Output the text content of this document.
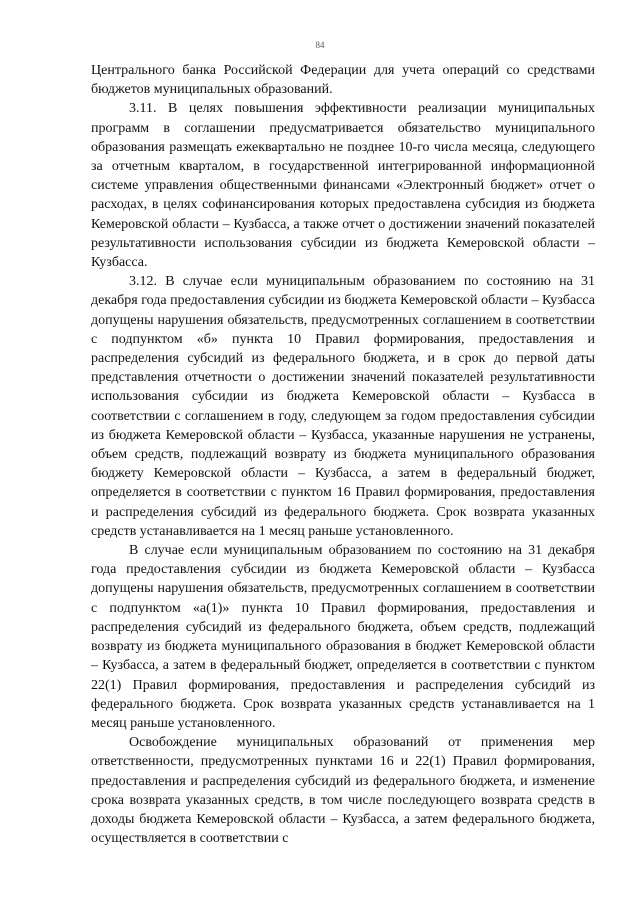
84

Центрального банка Российской Федерации для учета операций со средствами бюджетов муниципальных образований.

3.11. В целях повышения эффективности реализации муниципальных программ в соглашении предусматривается обязательство муниципального образования размещать ежеквартально не позднее 10-го числа месяца, следующего за отчетным кварталом, в государственной интегрированной информационной системе управления общественными финансами «Электронный бюджет» отчет о расходах, в целях софинансирования которых предоставлена субсидия из бюджета Кемеровской области – Кузбасса, а также отчет о достижении значений показателей результативности использования субсидии из бюджета Кемеровской области – Кузбасса.

3.12. В случае если муниципальным образованием по состоянию на 31 декабря года предоставления субсидии из бюджета Кемеровской области – Кузбасса допущены нарушения обязательств, предусмотренных соглашением в соответствии с подпунктом «б» пункта 10 Правил формирования, предоставления и распределения субсидий из федерального бюджета, и в срок до первой даты представления отчетности о достижении значений показателей результативности использования субсидии из бюджета Кемеровской области – Кузбасса в соответствии с соглашением в году, следующем за годом предоставления субсидии из бюджета Кемеровской области – Кузбасса, указанные нарушения не устранены, объем средств, подлежащий возврату из бюджета муниципального образования бюджету Кемеровской области – Кузбасса, а затем в федеральный бюджет, определяется в соответствии с пунктом 16 Правил формирования, предоставления и распределения субсидий из федерального бюджета. Срок возврата указанных средств устанавливается на 1 месяц раньше установленного.

В случае если муниципальным образованием по состоянию на 31 декабря года предоставления субсидии из бюджета Кемеровской области – Кузбасса допущены нарушения обязательств, предусмотренных соглашением в соответствии с подпунктом «а(1)» пункта 10 Правил формирования, предоставления и распределения субсидий из федерального бюджета, объем средств, подлежащий возврату из бюджета муниципального образования в бюджет Кемеровской области – Кузбасса, а затем в федеральный бюджет, определяется в соответствии с пунктом 22(1) Правил формирования, предоставления и распределения субсидий из федерального бюджета. Срок возврата указанных средств устанавливается на 1 месяц раньше установленного.

Освобождение муниципальных образований от применения мер ответственности, предусмотренных пунктами 16 и 22(1) Правил формирования, предоставления и распределения субсидий из федерального бюджета, и изменение срока возврата указанных средств, в том числе последующего возврата средств в доходы бюджета Кемеровской области – Кузбасса, а затем федерального бюджета, осуществляется в соответствии с
